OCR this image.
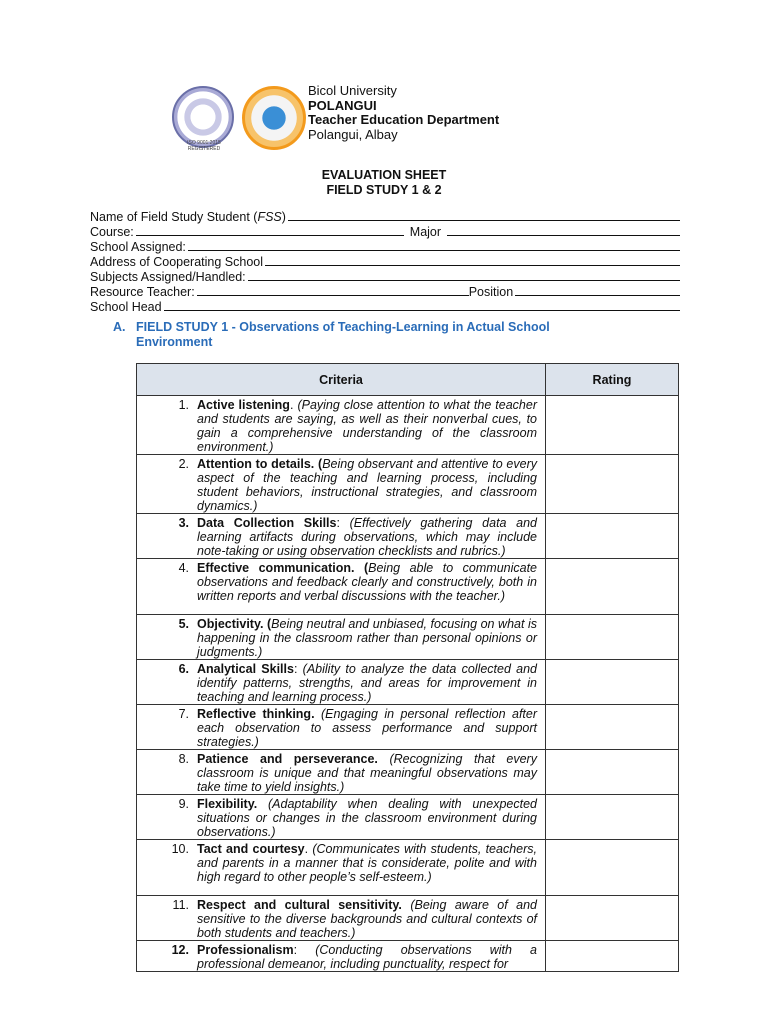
ISO 9001:2015 REGISTERED
Bicol University
POLANGUI
Teacher Education Department
Polangui, Albay
EVALUATION SHEET
FIELD STUDY 1 & 2
Name of Field Study Student (FSS)
Course:	Major
School Assigned:
Address of Cooperating School
Subjects Assigned/Handled:
Resource Teacher:	Position
School Head
A. FIELD STUDY 1 - Observations of Teaching-Learning in Actual School Environment
Criteria	Rating

1. Active listening. (Paying close attention to what the teacher and students are saying, as well as their nonverbal cues, to gain a comprehensive understanding of the classroom environment.)	

2. Attention to details. (Being observant and attentive to every aspect of the teaching and learning process, including student behaviors, instructional strategies, and classroom dynamics.)	

3. Data Collection Skills: (Effectively gathering data and learning artifacts during observations, which may include note-taking or using observation checklists and rubrics.)	

4. Effective communication. (Being able to communicate observations and feedback clearly and constructively, both in written reports and verbal discussions with the teacher.)	

5. Objectivity. (Being neutral and unbiased, focusing on what is happening in the classroom rather than personal opinions or judgments.)	

6. Analytical Skills: (Ability to analyze the data collected and identify patterns, strengths, and areas for improvement in teaching and learning process.)	

7. Reflective thinking. (Engaging in personal reflection after each observation to assess performance and support strategies.)	

8. Patience and perseverance. (Recognizing that every classroom is unique and that meaningful observations may take time to yield insights.)	

9. Flexibility. (Adaptability when dealing with unexpected situations or changes in the classroom environment during observations.)	

10. Tact and courtesy. (Communicates with students, teachers, and parents in a manner that is considerate, polite and with high regard to other people’s self-esteem.)	

11. Respect and cultural sensitivity. (Being aware of and sensitive to the diverse backgrounds and cultural contexts of both students and teachers.)	

12. Professionalism: (Conducting observations with a professional demeanor, including punctuality, respect for	
